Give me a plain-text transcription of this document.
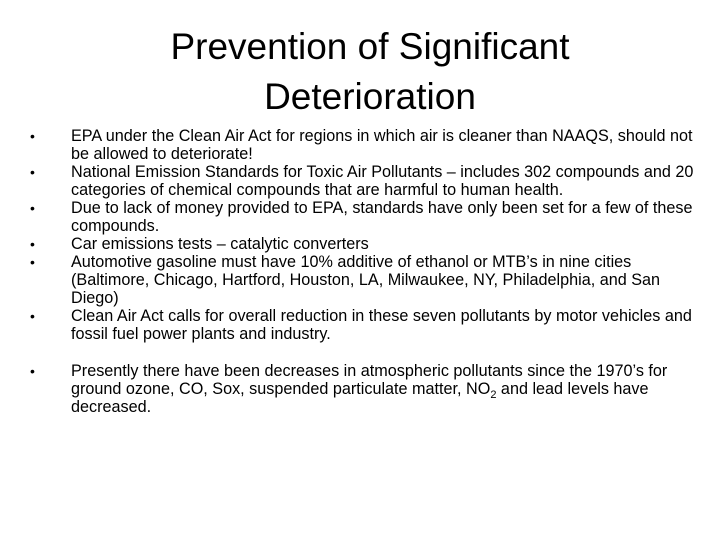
Prevention of Significant
Deterioration
•	EPA under the Clean Air Act for regions in which air is cleaner than NAAQS, should not be allowed to deteriorate!
•	National Emission Standards for Toxic Air Pollutants – includes 302 compounds and 20 categories of chemical compounds that are harmful to human health.
•	Due to lack of money provided to EPA, standards have only been set for a few of these compounds.
•	Car emissions tests – catalytic converters
•	Automotive gasoline must have 10% additive of ethanol or MTB’s in nine cities (Baltimore, Chicago, Hartford, Houston, LA, Milwaukee, NY, Philadelphia, and San Diego)
•	Clean Air Act calls for overall reduction in these seven pollutants by motor vehicles and fossil fuel power plants and industry.
•	Presently there have been decreases in atmospheric pollutants since the 1970’s for ground ozone, CO, Sox, suspended particulate matter, $NO_2$ and lead levels have decreased.
